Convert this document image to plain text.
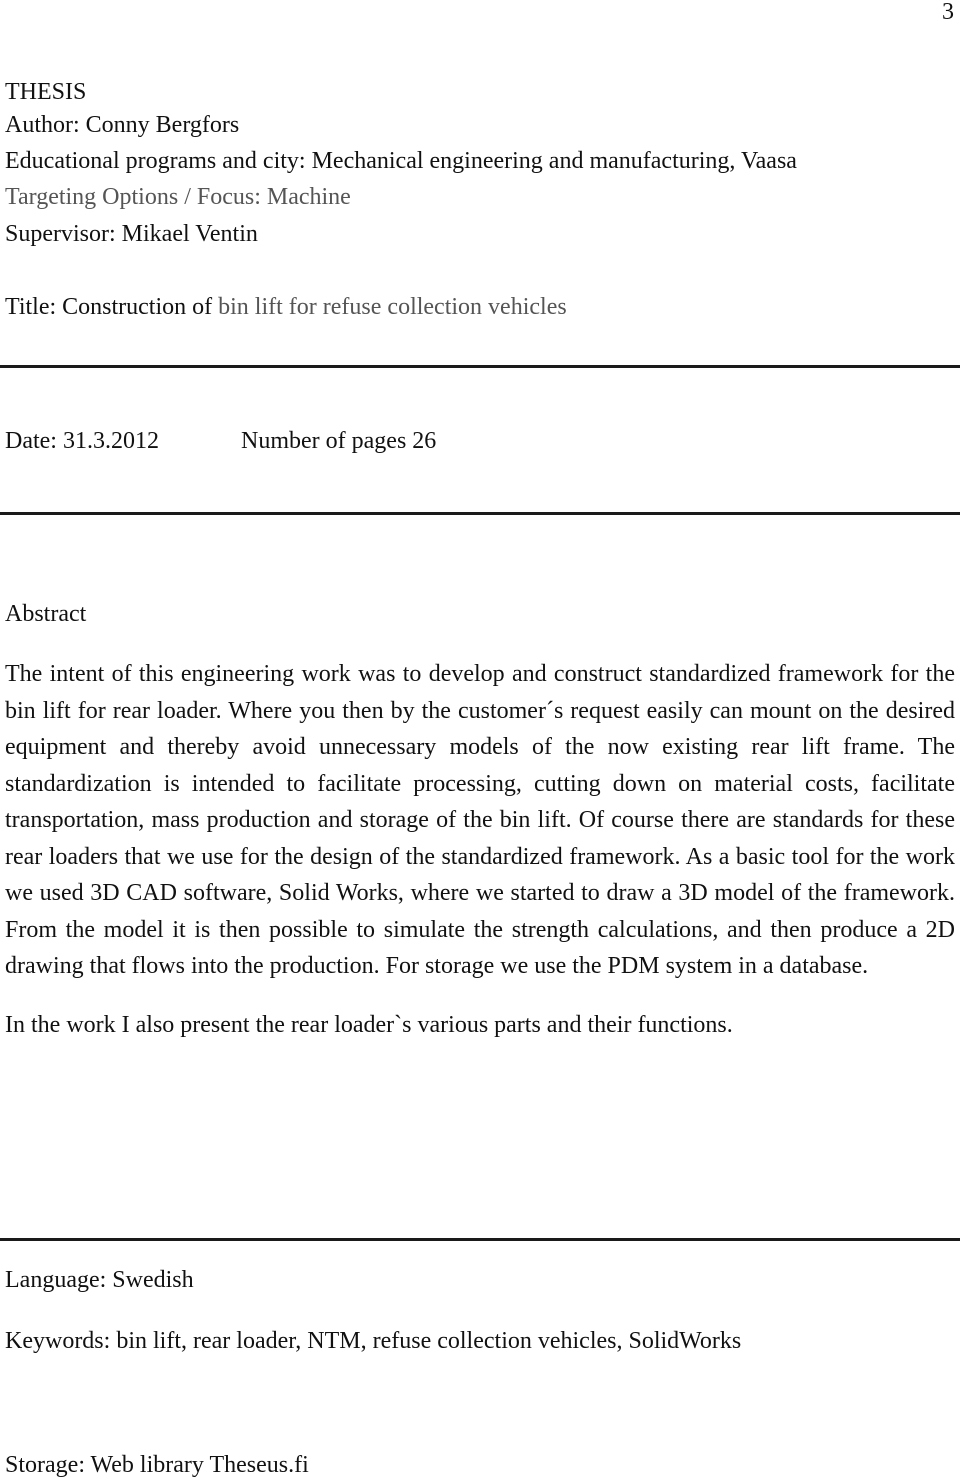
3
THESIS
Author: Conny Bergfors
Educational programs and city: Mechanical engineering and manufacturing, Vaasa
Targeting Options / Focus: Machine
Supervisor: Mikael Ventin
Title: Construction of bin lift for refuse collection vehicles
Date: 31.3.2012	Number of pages 26
Abstract

The intent of this engineering work was to develop and construct standardized framework for the bin lift for rear loader. Where you then by the customer´s request easily can mount on the desired equipment and thereby avoid unnecessary models of the now existing rear lift frame. The standardization is intended to facilitate processing, cutting down on material costs, facilitate transportation, mass production and storage of the bin lift. Of course there are standards for these rear loaders that we use for the design of the standardized framework. As a basic tool for the work we used 3D CAD software, Solid Works, where we started to draw a 3D model of the framework. From the model it is then possible to simulate the strength calculations, and then produce a 2D drawing that flows into the production. For storage we use the PDM system in a database.

In the work I also present the rear loader`s various parts and their functions.

Language: Swedish
Keywords: bin lift, rear loader, NTM, refuse collection vehicles, SolidWorks
Storage: Web library Theseus.fi
